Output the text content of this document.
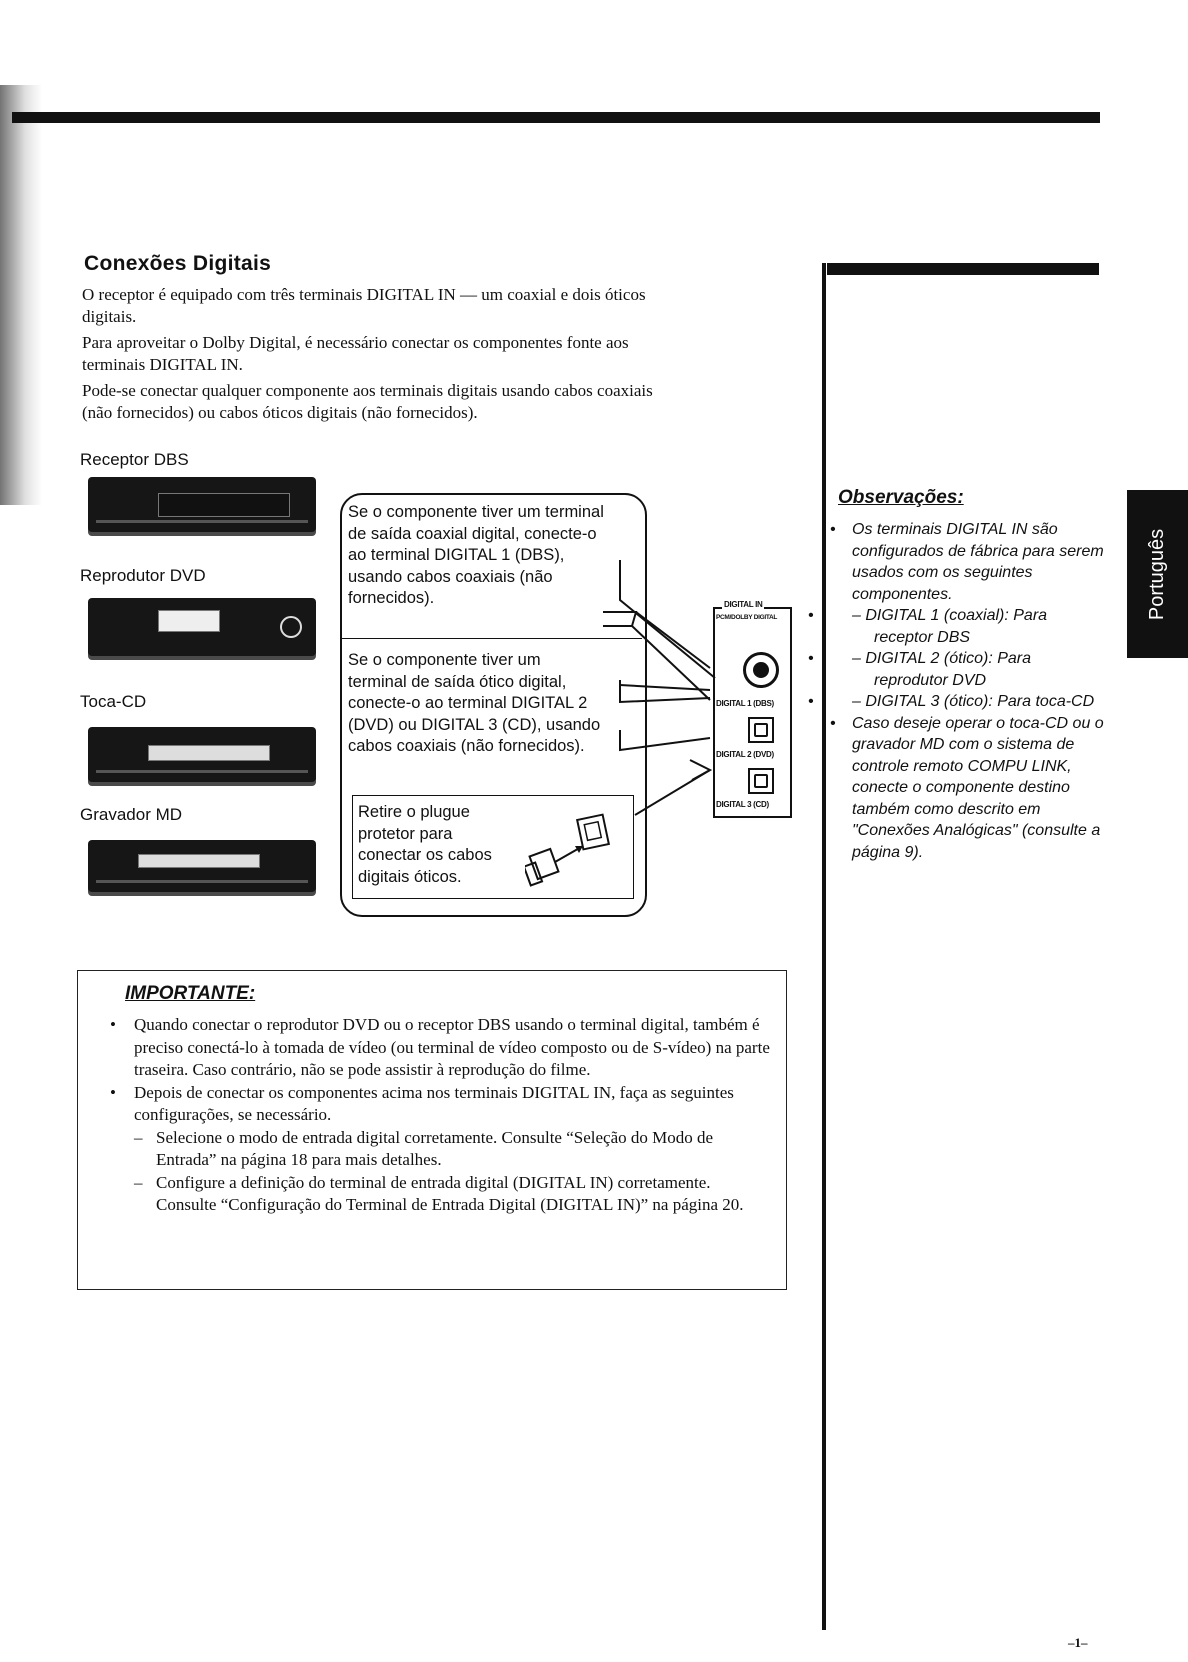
Conexões Digitais

O receptor é equipado com três terminais DIGITAL IN — um coaxial e dois óticos

digitais.

Para aproveitar o Dolby Digital, é necessário conectar os componentes fonte aos

terminais DIGITAL IN.

Pode-se conectar qualquer componente aos terminais digitais usando cabos coaxiais

(não fornecidos) ou cabos óticos digitais (não fornecidos).

Receptor DBS
Reprodutor DVD
Toca-CD
Gravador MD

Se o componente tiver um terminal

de saída coaxial digital, conecte-o

ao terminal DIGITAL 1 (DBS),

usando cabos coaxiais (não

fornecidos).

Se o componente tiver um

terminal de saída ótico digital,

conecte-o ao terminal DIGITAL 2

(DVD) ou DIGITAL 3 (CD), usando

cabos coaxiais (não fornecidos).

Retire o plugue

protetor para

conectar os cabos

digitais óticos.

DIGITAL IN
PCM/DOLBY DIGITAL
DIGITAL 1 (DBS)
DIGITAL 2 (DVD)
DIGITAL 3 (CD)
Observações:
• Os terminais DIGITAL IN são configurados de fábrica para serem usados com os seguintes componentes.
• – DIGITAL 1 (coaxial): Para receptor DBS
• – DIGITAL 2 (ótico): Para reprodutor DVD
• – DIGITAL 3 (ótico): Para toca-CD
• Caso deseje operar o toca-CD ou o gravador MD com o sistema de controle remoto COMPU LINK, conecte o componente destino também como descrito em "Conexões Analógicas" (consulte a página 9).
Português
IMPORTANTE:
• Quando conectar o reprodutor DVD ou o receptor DBS usando o terminal digital, também é preciso conectá-lo à tomada de vídeo (ou terminal de vídeo composto ou de S-vídeo) na parte traseira. Caso contrário, não se pode assistir à reprodução do filme.
• Depois de conectar os componentes acima nos terminais DIGITAL IN, faça as seguintes configurações, se necessário.
– Selecione o modo de entrada digital corretamente. Consulte “Seleção do Modo de Entrada” na página 18 para mais detalhes.
– Configure a definição do terminal de entrada digital (DIGITAL IN) corretamente. Consulte “Configuração do Terminal de Entrada Digital (DIGITAL IN)” na página 20.
–1–
